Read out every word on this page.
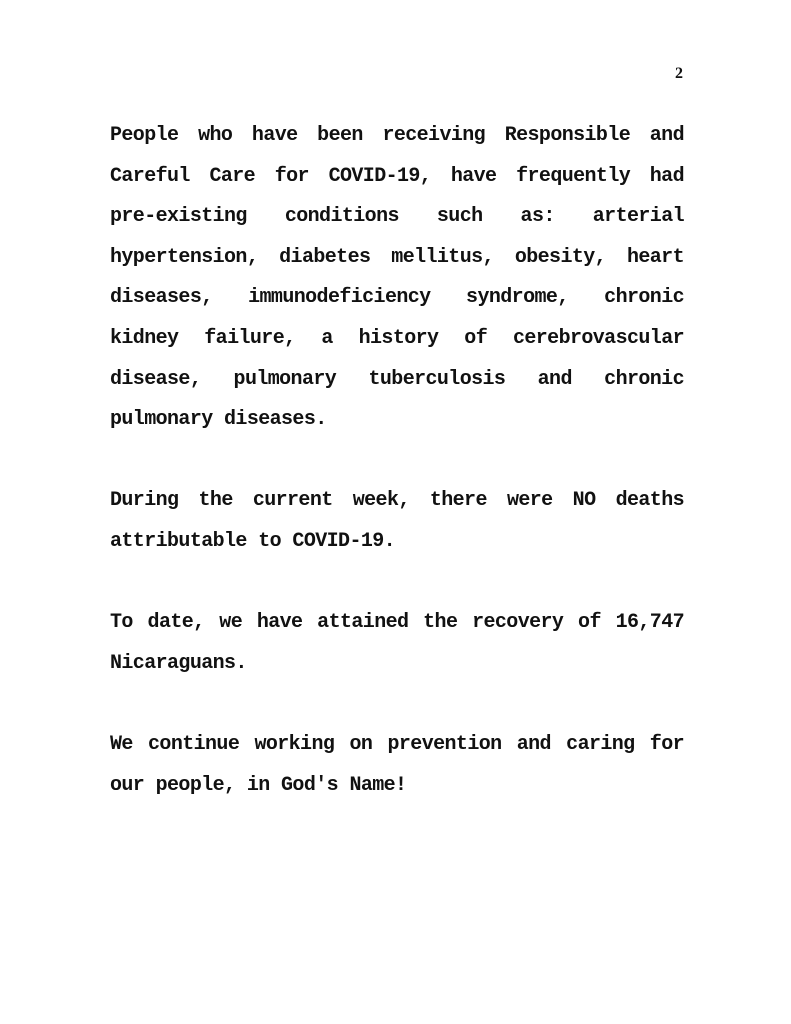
2

People who have been receiving Responsible and Careful Care for COVID-19, have frequently had pre-existing conditions such as: arterial hypertension, diabetes mellitus, obesity, heart diseases, immunodeficiency syndrome, chronic kidney failure, a history of cerebrovascular disease, pulmonary tuberculosis and chronic pulmonary diseases.

During the current week, there were NO deaths attributable to COVID-19.

To date, we have attained the recovery of 16,747 Nicaraguans.

We continue working on prevention and caring for our people, in God's Name!
